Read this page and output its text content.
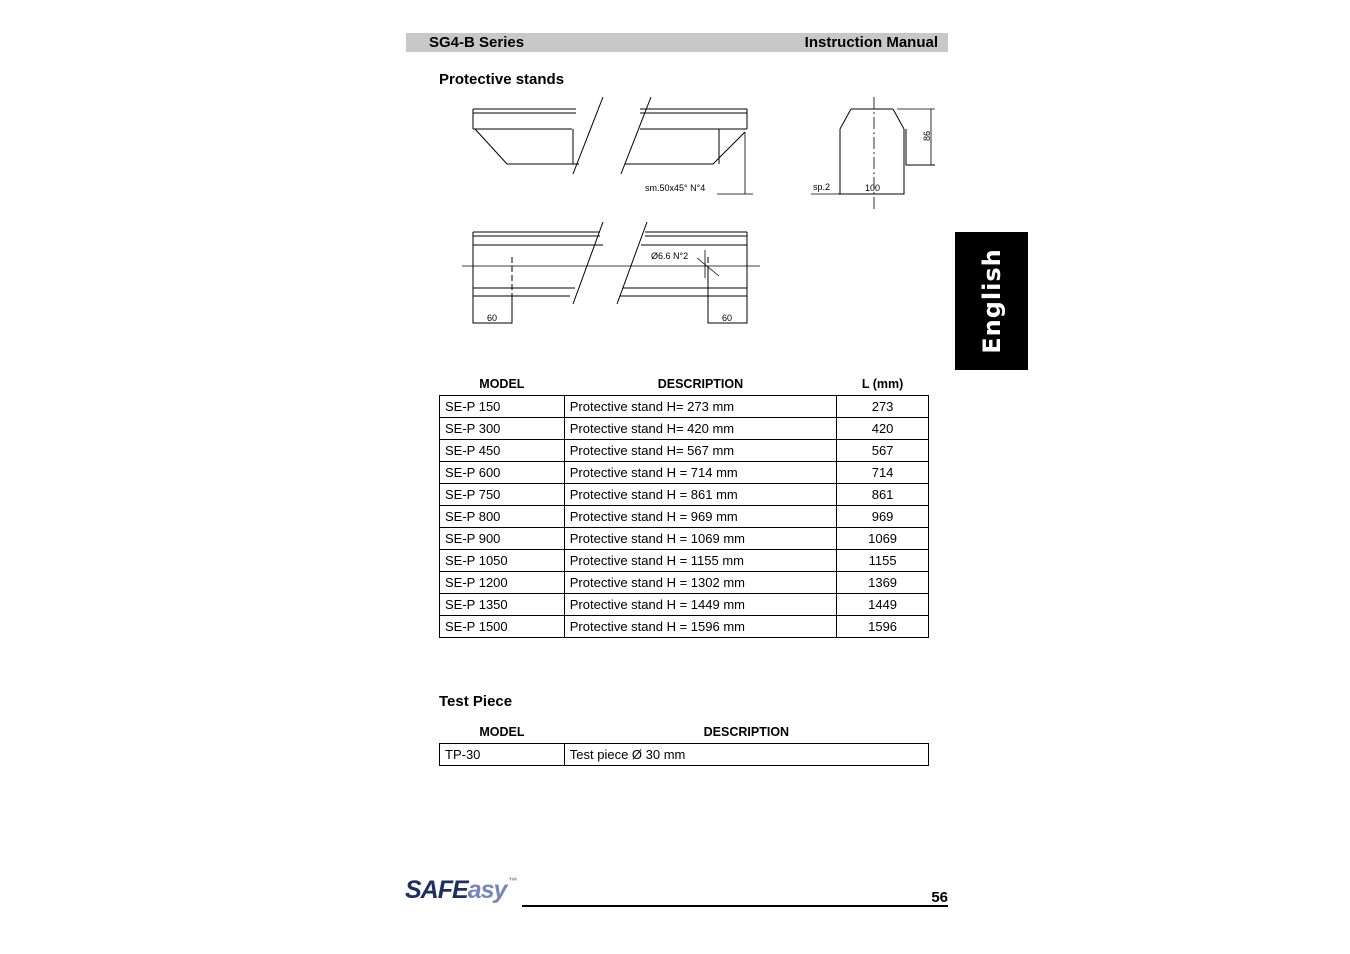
SG4-B Series	Instruction Manual
Protective stands
sm.50x45° N°4
Ø6.6 N°2
60	60
sp.2	100
86
English
MODEL	DESCRIPTION	L (mm)
SE-P 150	Protective stand H= 273 mm	273
SE-P 300	Protective stand H= 420 mm	420
SE-P 450	Protective stand H= 567 mm	567
SE-P 600	Protective stand H = 714 mm	714
SE-P 750	Protective stand H = 861 mm	861
SE-P 800	Protective stand H = 969 mm	969
SE-P 900	Protective stand H = 1069 mm	1069
SE-P 1050	Protective stand H = 1155 mm	1155
SE-P 1200	Protective stand H = 1302 mm	1369
SE-P 1350	Protective stand H = 1449 mm	1449
SE-P 1500	Protective stand H = 1596 mm	1596
Test Piece
MODEL	DESCRIPTION
TP-30	Test piece Ø 30 mm
SAFEasy ™
56
